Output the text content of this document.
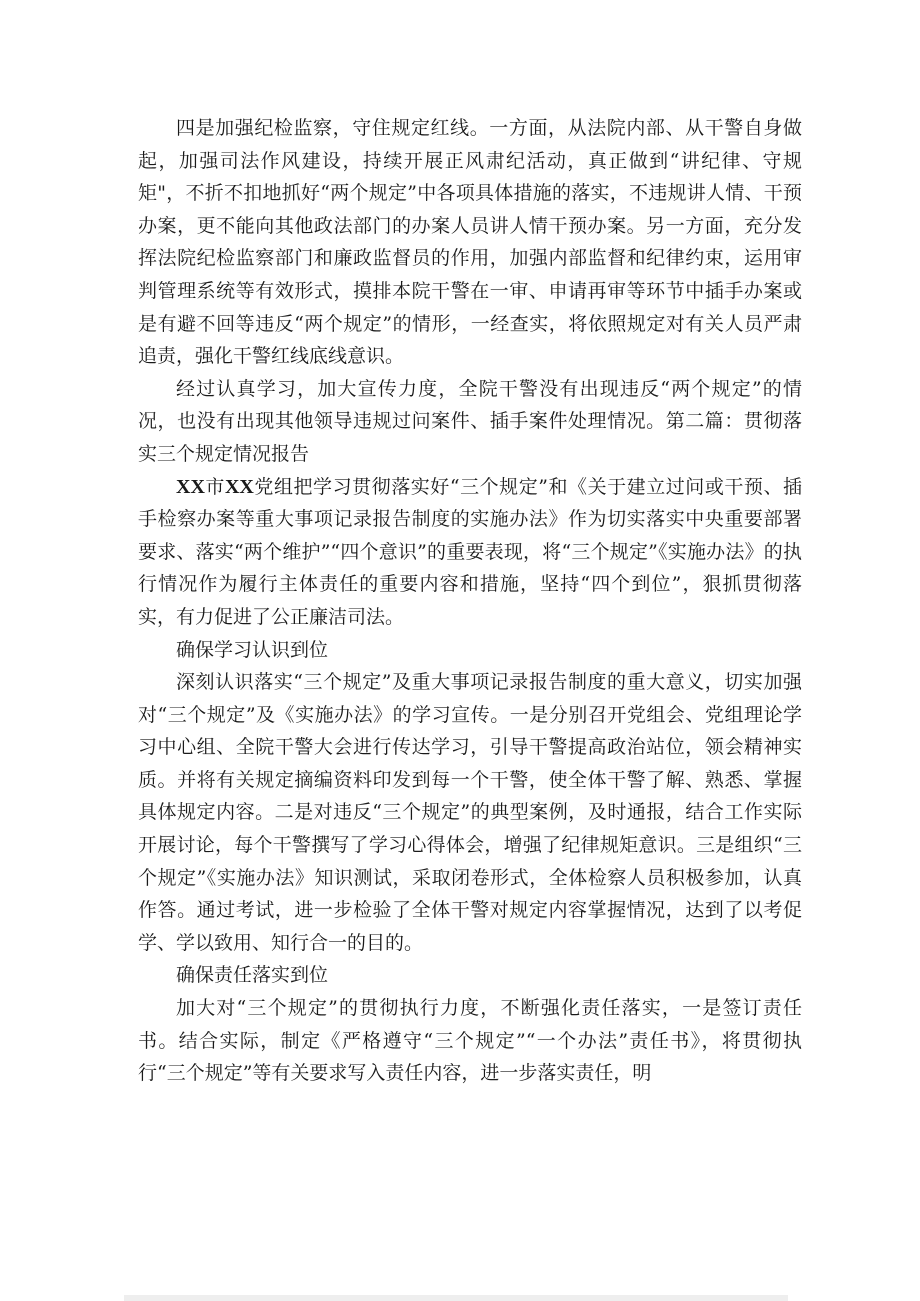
四是加强纪检监察，守住规定红线。一方面，从法院内部、从干警自身做起，加强司法作风建设，持续开展正风肃纪活动，真正做到“讲纪律、守规矩"，不折不扣地抓好“两个规定”中各项具体措施的落实，不违规讲人情、干预办案，更不能向其他政法部门的办案人员讲人情干预办案。另一方面，充分发挥法院纪检监察部门和廉政监督员的作用，加强内部监督和纪律约束，运用审判管理系统等有效形式，摸排本院干警在一审、申请再审等环节中插手办案或是有避不回等违反“两个规定”的情形，一经查实，将依照规定对有关人员严肃追责，强化干警红线底线意识。

经过认真学习，加大宣传力度，全院干警没有出现违反“两个规定”的情况，也没有出现其他领导违规过问案件、插手案件处理情况。第二篇：贯彻落实三个规定情况报告

XX市XX党组把学习贯彻落实好“三个规定”和《关于建立过问或干预、插手检察办案等重大事项记录报告制度的实施办法》作为切实落实中央重要部署要求、落实“两个维护”“四个意识”的重要表现，将“三个规定”《实施办法》的执行情况作为履行主体责任的重要内容和措施，坚持“四个到位”，狠抓贯彻落实，有力促进了公正廉洁司法。

确保学习认识到位

深刻认识落实“三个规定”及重大事项记录报告制度的重大意义，切实加强对“三个规定”及《实施办法》的学习宣传。一是分别召开党组会、党组理论学习中心组、全院干警大会进行传达学习，引导干警提高政治站位，领会精神实质。并将有关规定摘编资料印发到每一个干警，使全体干警了解、熟悉、掌握具体规定内容。二是对违反“三个规定”的典型案例，及时通报，结合工作实际开展讨论，每个干警撰写了学习心得体会，增强了纪律规矩意识。三是组织“三个规定”《实施办法》知识测试，采取闭卷形式，全体检察人员积极参加，认真作答。通过考试，进一步检验了全体干警对规定内容掌握情况，达到了以考促学、学以致用、知行合一的目的。

确保责任落实到位

加大对“三个规定”的贯彻执行力度，不断强化责任落实，一是签订责任书。结合实际，制定《严格遵守“三个规定”“一个办法”责任书》，将贯彻执行“三个规定”等有关要求写入责任内容，进一步落实责任，明
